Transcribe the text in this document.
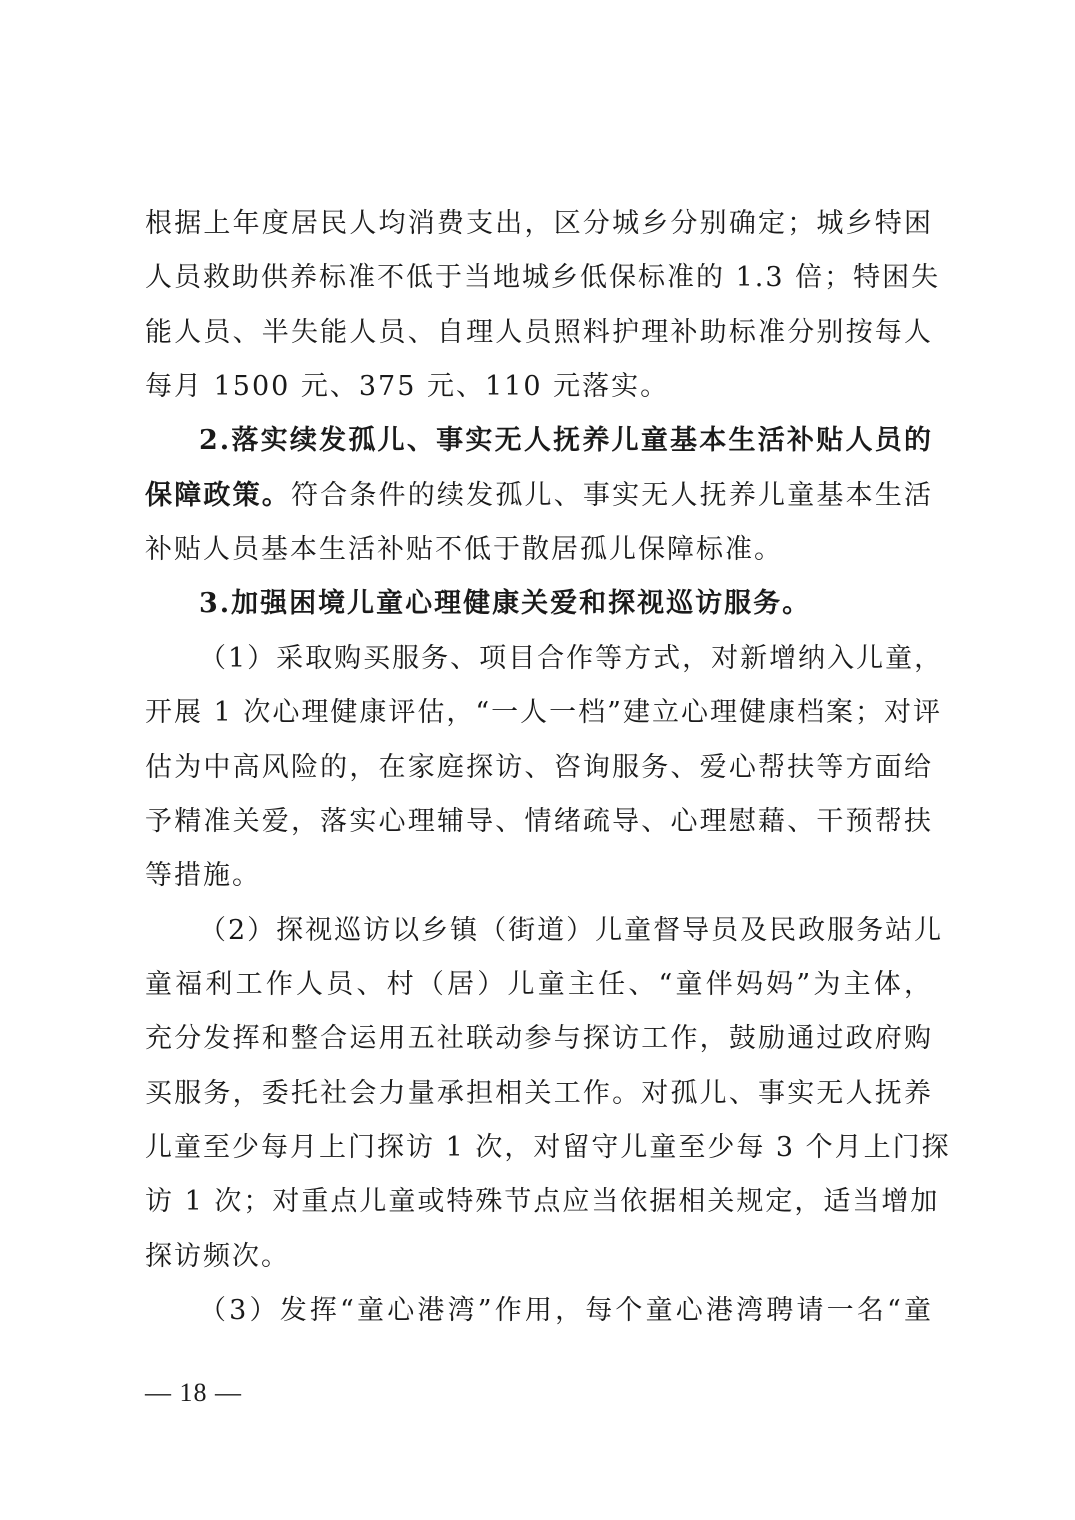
根据上年度居民人均消费支出，区分城乡分别确定；城乡特困
人员救助供养标准不低于当地城乡低保标准的 1.3 倍；特困失
能人员、半失能人员、自理人员照料护理补助标准分别按每人
每月 1500 元、375 元、110 元落实。
2.落实续发孤儿、事实无人抚养儿童基本生活补贴人员的
保障政策。符合条件的续发孤儿、事实无人抚养儿童基本生活
补贴人员基本生活补贴不低于散居孤儿保障标准。
3.加强困境儿童心理健康关爱和探视巡访服务。
（1）采取购买服务、项目合作等方式，对新增纳入儿童，
开展 1 次心理健康评估，“一人一档”建立心理健康档案；对评
估为中高风险的，在家庭探访、咨询服务、爱心帮扶等方面给
予精准关爱，落实心理辅导、情绪疏导、心理慰藉、干预帮扶
等措施。
（2）探视巡访以乡镇（街道）儿童督导员及民政服务站儿
童福利工作人员、村（居）儿童主任、“童伴妈妈”为主体，
充分发挥和整合运用五社联动参与探访工作，鼓励通过政府购
买服务，委托社会力量承担相关工作。对孤儿、事实无人抚养
儿童至少每月上门探访 1 次，对留守儿童至少每 3 个月上门探
访 1 次；对重点儿童或特殊节点应当依据相关规定，适当增加
探访频次。
（3）发挥“童心港湾”作用，每个童心港湾聘请一名“童
— 18 —
